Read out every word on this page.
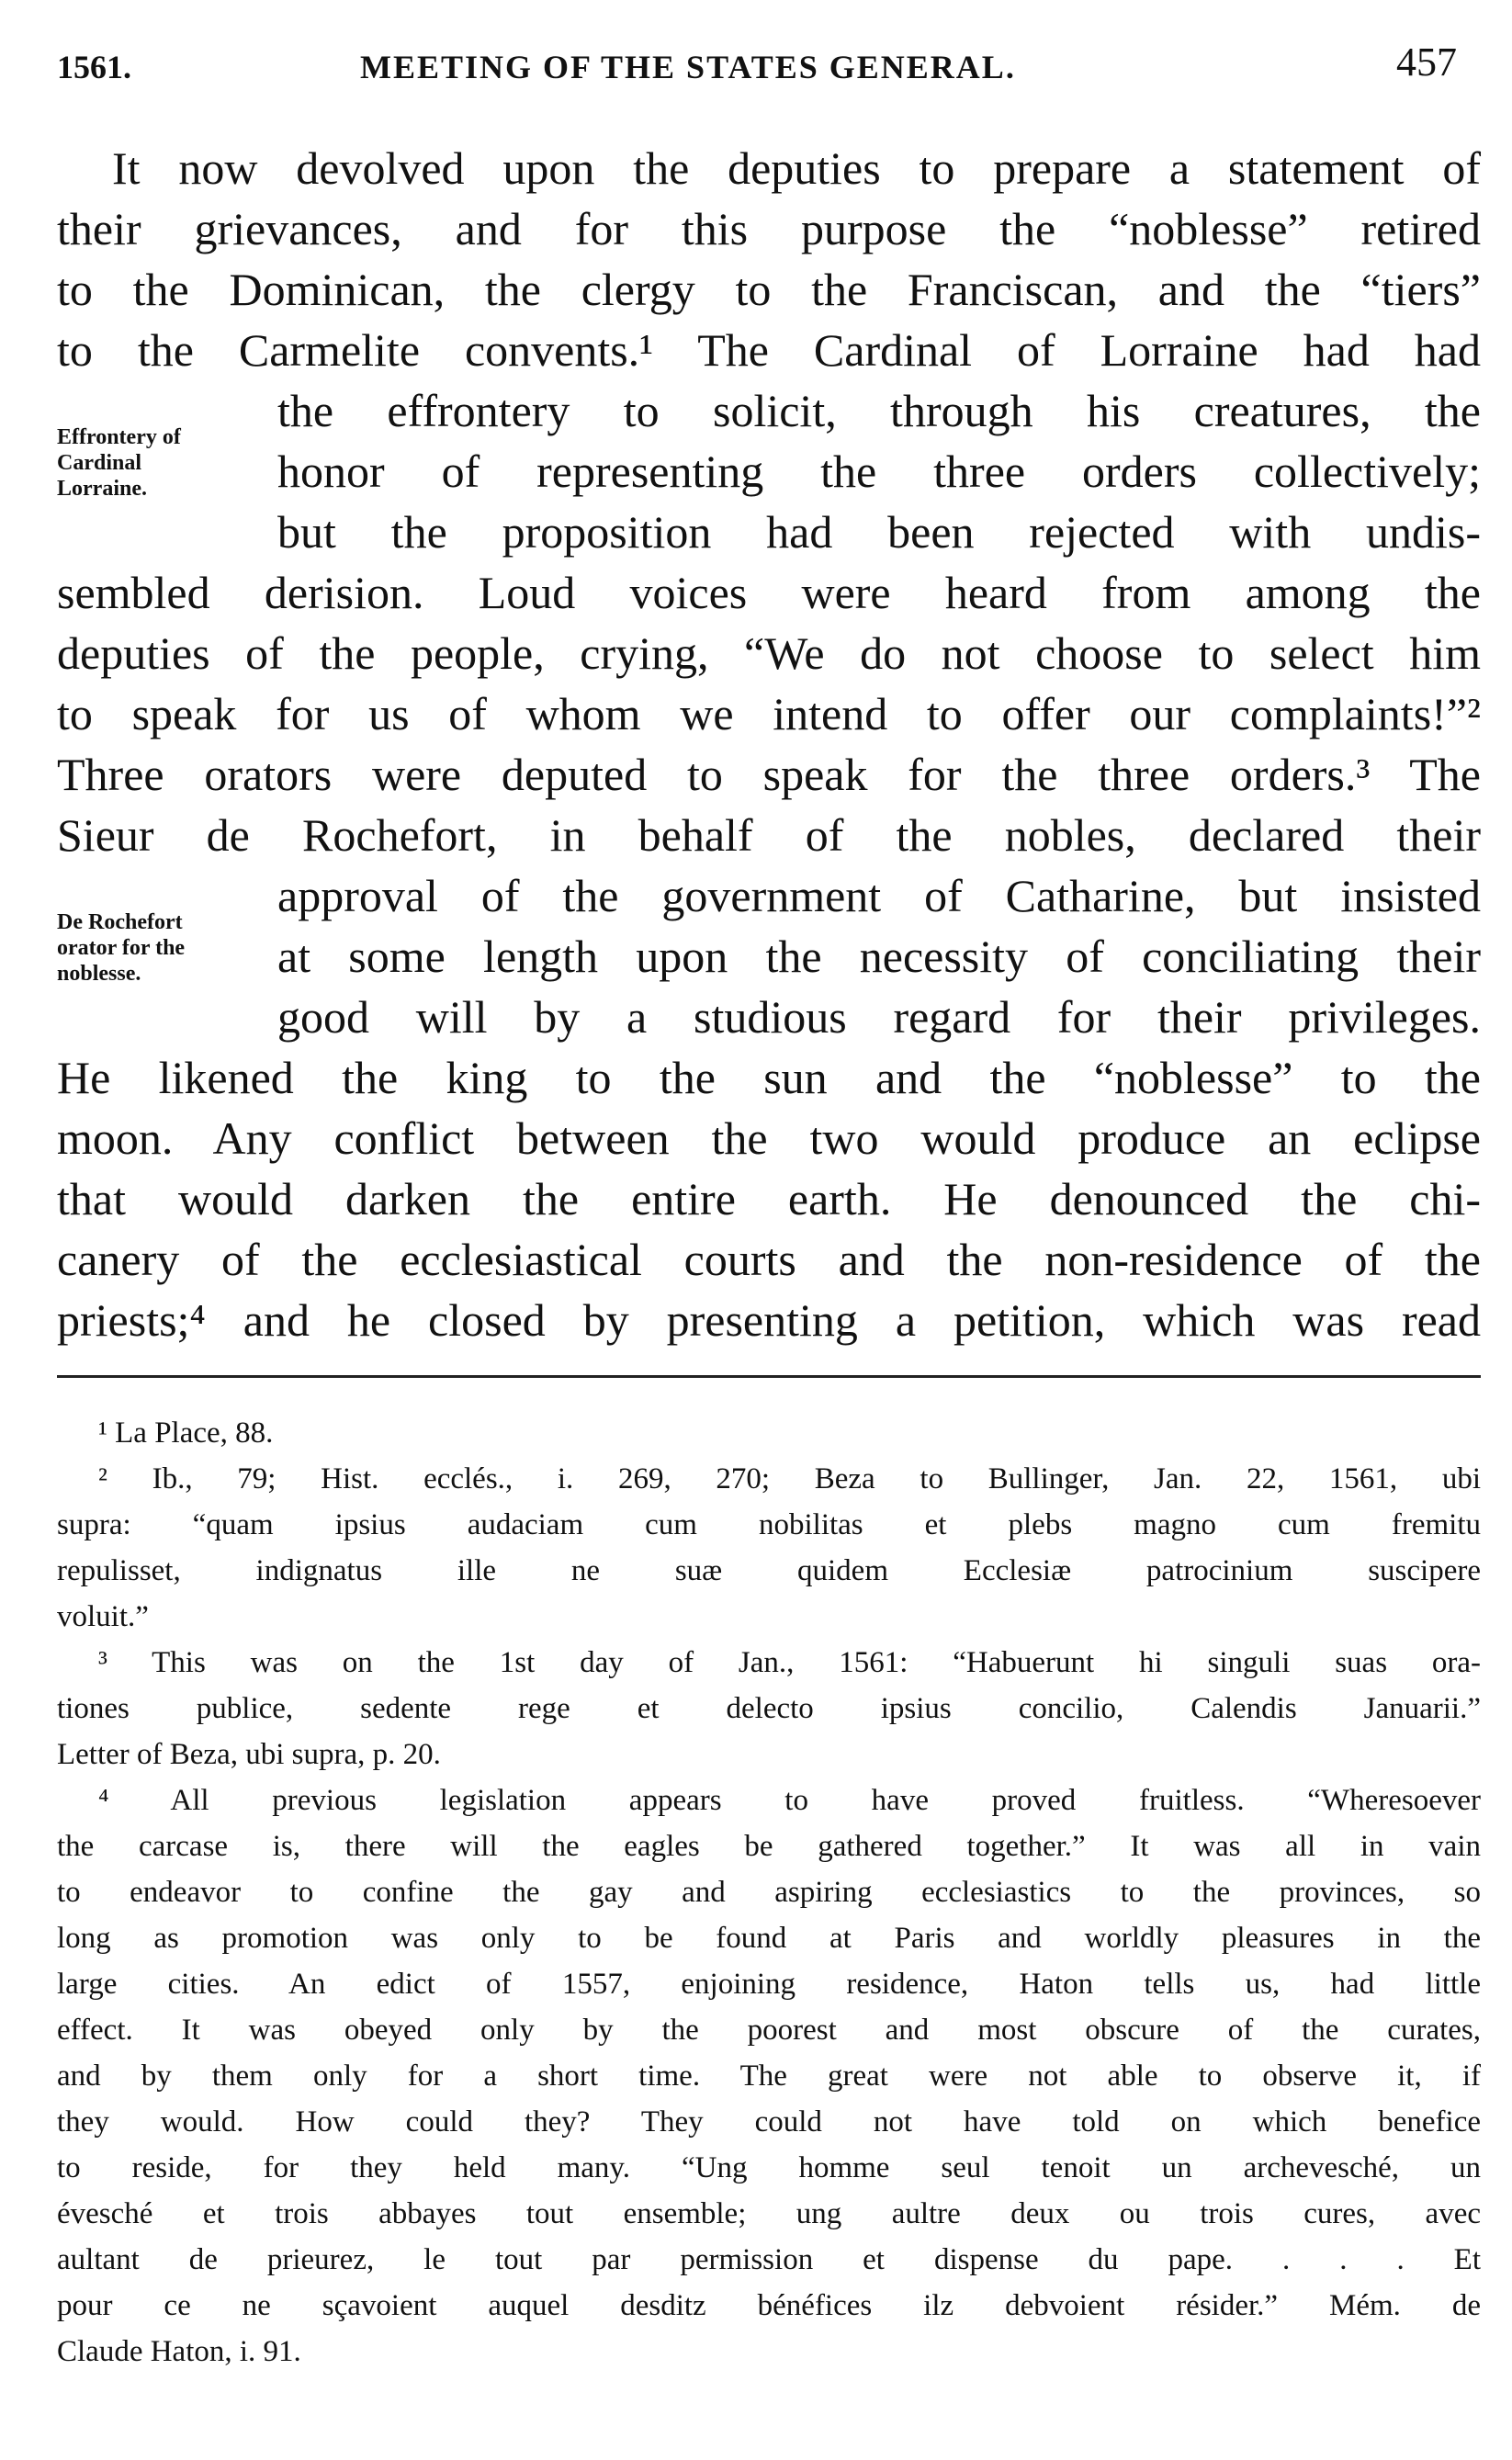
1561.	MEETING OF THE STATES GENERAL.	457
Effrontery of Cardinal Lorraine.
De Rochefort orator for the noblesse.
It now devolved upon the deputies to prepare a statement of
their grievances, and for this purpose the “noblesse” retired
to the Dominican, the clergy to the Franciscan, and the “tiers”
to the Carmelite convents.¹ The Cardinal of Lorraine had had
the effrontery to solicit, through his creatures, the
honor of representing the three orders collectively;
but the proposition had been rejected with undis-
sembled derision. Loud voices were heard from among the
deputies of the people, crying, “We do not choose to select him
to speak for us of whom we intend to offer our complaints!”²
Three orators were deputed to speak for the three orders.³ The
Sieur de Rochefort, in behalf of the nobles, declared their
approval of the government of Catharine, but insisted
at some length upon the necessity of conciliating their
good will by a studious regard for their privileges.
He likened the king to the sun and the “noblesse” to the
moon. Any conflict between the two would produce an eclipse
that would darken the entire earth. He denounced the chi-
canery of the ecclesiastical courts and the non-residence of the
priests;⁴ and he closed by presenting a petition, which was read
¹ La Place, 88.
² Ib., 79; Hist. ecclés., i. 269, 270; Beza to Bullinger, Jan. 22, 1561, ubi
supra: “quam ipsius audaciam cum nobilitas et plebs magno cum fremitu
repulisset, indignatus ille ne suæ quidem Ecclesiæ patrocinium suscipere
voluit.”
³ This was on the 1st day of Jan., 1561: “Habuerunt hi singuli suas ora-
tiones publice, sedente rege et delecto ipsius concilio, Calendis Januarii.”
Letter of Beza, ubi supra, p. 20.
⁴ All previous legislation appears to have proved fruitless. “Wheresoever
the carcase is, there will the eagles be gathered together.” It was all in vain
to endeavor to confine the gay and aspiring ecclesiastics to the provinces, so
long as promotion was only to be found at Paris and worldly pleasures in the
large cities. An edict of 1557, enjoining residence, Haton tells us, had little
effect. It was obeyed only by the poorest and most obscure of the curates,
and by them only for a short time. The great were not able to observe it, if
they would. How could they? They could not have told on which benefice
to reside, for they held many. “Ung homme seul tenoit un archevesché, un
évesché et trois abbayes tout ensemble; ung aultre deux ou trois cures, avec
aultant de prieurez, le tout par permission et dispense du pape. . . . Et
pour ce ne sçavoient auquel desditz bénéfices ilz debvoient résider.” Mém. de
Claude Haton, i. 91.
